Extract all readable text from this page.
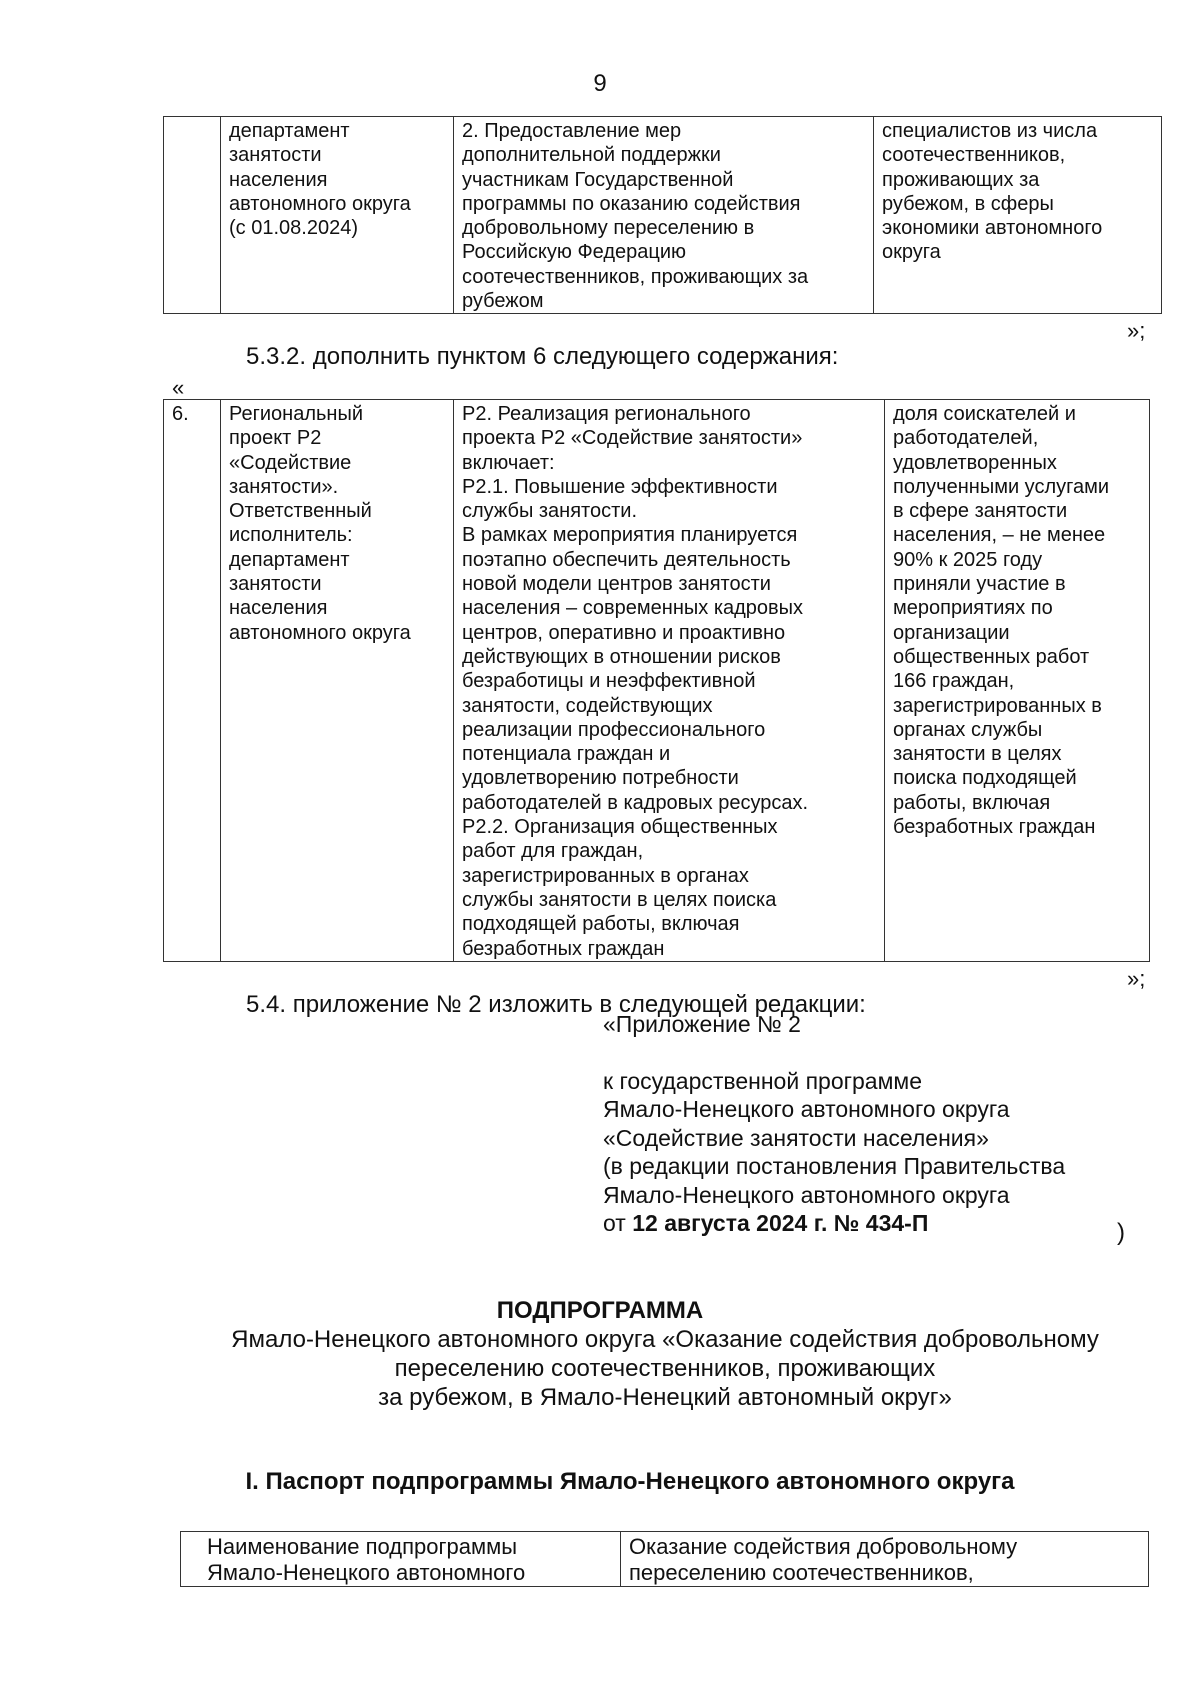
9
	департамент
занятости
населения
автономного округа
(с 01.08.2024)	2. Предоставление мер
дополнительной поддержки
участникам Государственной
программы по оказанию содействия
добровольному переселению в
Российскую Федерацию
соотечественников, проживающих за
рубежом	специалистов из числа
соотечественников,
проживающих за
рубежом, в сферы
экономики автономного
округа
»;
5.3.2. дополнить пунктом 6 следующего содержания:
«
6.	Региональный
проект Р2
«Содействие
занятости».
Ответственный
исполнитель:
департамент
занятости
населения
автономного округа	Р2. Реализация регионального
проекта Р2 «Содействие занятости»
включает:
Р2.1. Повышение эффективности
службы занятости.
В рамках мероприятия планируется
поэтапно обеспечить деятельность
новой модели центров занятости
населения – современных кадровых
центров, оперативно и проактивно
действующих в отношении рисков
безработицы и неэффективной
занятости, содействующих
реализации профессионального
потенциала граждан и
удовлетворению потребности
работодателей в кадровых ресурсах.
Р2.2. Организация общественных
работ для граждан,
зарегистрированных в органах
службы занятости в целях поиска
подходящей работы, включая
безработных граждан	доля соискателей и
работодателей,
удовлетворенных
полученными услугами
в сфере занятости
населения, – не менее
90% к 2025 году
приняли участие в
мероприятиях по
организации
общественных работ
166 граждан,
зарегистрированных в
органах службы
занятости в целях
поиска подходящей
работы, включая
безработных граждан
»;
5.4. приложение № 2 изложить в следующей редакции:
«Приложение № 2
к государственной программе
Ямало-Ненецкого автономного округа
«Содействие занятости населения»
(в редакции постановления Правительства
Ямало-Ненецкого автономного округа
от 12 августа 2024 г. № 434-П	)
ПОДПРОГРАММА
Ямало-Ненецкого автономного округа «Оказание содействия добровольному
переселению соотечественников, проживающих
за рубежом, в Ямало-Ненецкий автономный округ»
I. Паспорт подпрограммы Ямало-Ненецкого автономного округа
Наименование подпрограммы
Ямало-Ненецкого автономного	Оказание содействия добровольному
переселению соотечественников,
